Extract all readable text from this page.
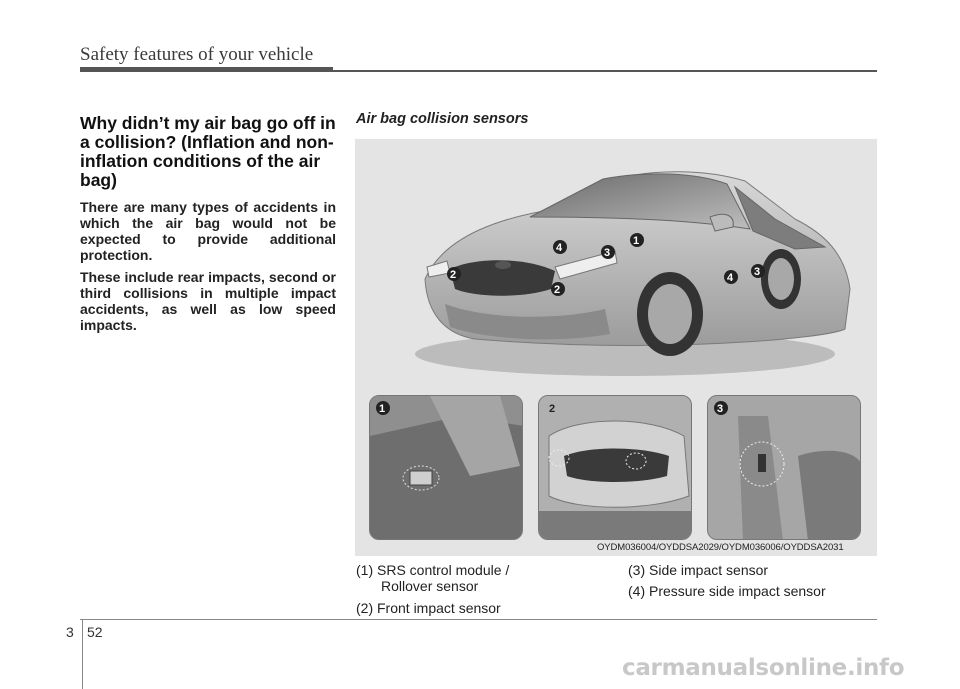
Safety features of your vehicle
Why didn’t my air bag go off in a collision? (Inflation and non-inflation conditions of the air bag)
There are many types of accidents in which the air bag would not be expected to provide additional protection.
These include rear impacts, second or third collisions in multiple impact accidents, as well as low speed impacts.
Air bag collision sensors
4	3
1
2
2
4 3
1	2	3
OYDM036004/OYDDSA2029/OYDM036006/OYDDSA2031
(1) SRS control module /
Rollover sensor
(2) Front impact sensor
(3) Side impact sensor
(4) Pressure side impact sensor
3 52
carmanualsonline.info
